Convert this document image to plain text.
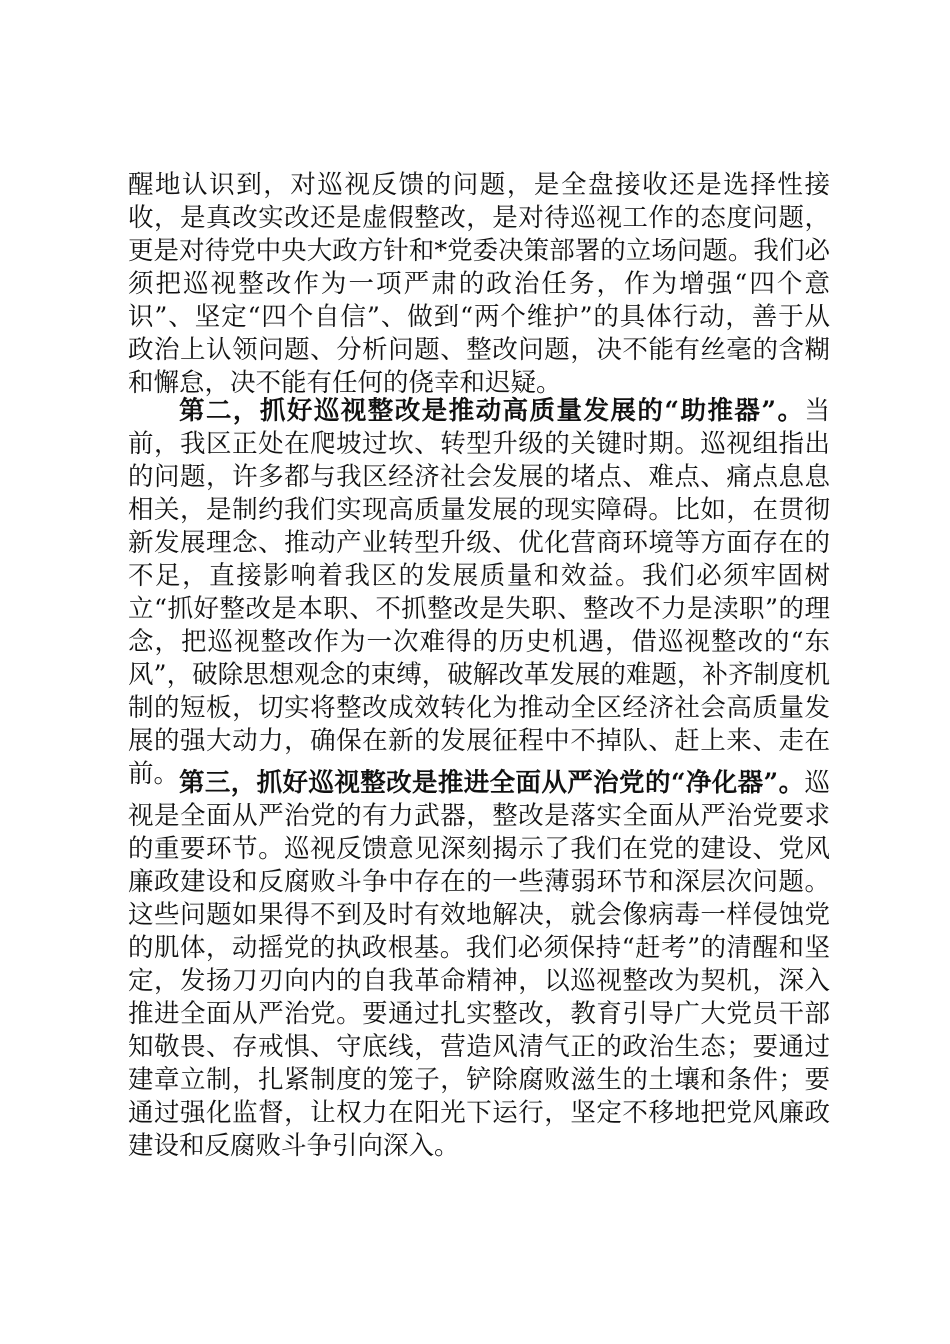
醒地认识到，对巡视反馈的问题，是全盘接收还是选择性接收，是真改实改还是虚假整改，是对待巡视工作的态度问题，更是对待党中央大政方针和*党委决策部署的立场问题。我们必须把巡视整改作为一项严肃的政治任务，作为增强“四个意识”、坚定“四个自信”、做到“两个维护”的具体行动，善于从政治上认领问题、分析问题、整改问题，决不能有丝毫的含糊和懈怠，决不能有任何的侥幸和迟疑。

第二，抓好巡视整改是推动高质量发展的“助推器”。当前，我区正处在爬坡过坎、转型升级的关键时期。巡视组指出的问题，许多都与我区经济社会发展的堵点、难点、痛点息息相关，是制约我们实现高质量发展的现实障碍。比如，在贯彻新发展理念、推动产业转型升级、优化营商环境等方面存在的不足，直接影响着我区的发展质量和效益。我们必须牢固树立“抓好整改是本职、不抓整改是失职、整改不力是渎职”的理念，把巡视整改作为一次难得的历史机遇，借巡视整改的“东风”，破除思想观念的束缚，破解改革发展的难题，补齐制度机制的短板，切实将整改成效转化为推动全区经济社会高质量发展的强大动力，确保在新的发展征程中不掉队、赶上来、走在前。 第三，抓好巡视整改是推进全面从严治党的“净化器”。巡视是全面从严治党的有力武器，整改是落实全面从严治党要求的重要环节。巡视反馈意见深刻揭示了我们在党的建设、党风廉政建设和反腐败斗争中存在的一些薄弱环节和深层次问题。这些问题如果得不到及时有效地解决，就会像病毒一样侵蚀党的肌体，动摇党的执政根基。我们必须保持“赶考”的清醒和坚定，发扬刀刃向内的自我革命精神，以巡视整改为契机，深入推进全面从严治党。要通过扎实整改，教育引导广大党员干部知敬畏、存戒惧、守底线，营造风清气正的政治生态；要通过建章立制，扎紧制度的笼子，铲除腐败滋生的土壤和条件；要通过强化监督，让权力在阳光下运行，坚定不移地把党风廉政建设和反腐败斗争引向深入。
